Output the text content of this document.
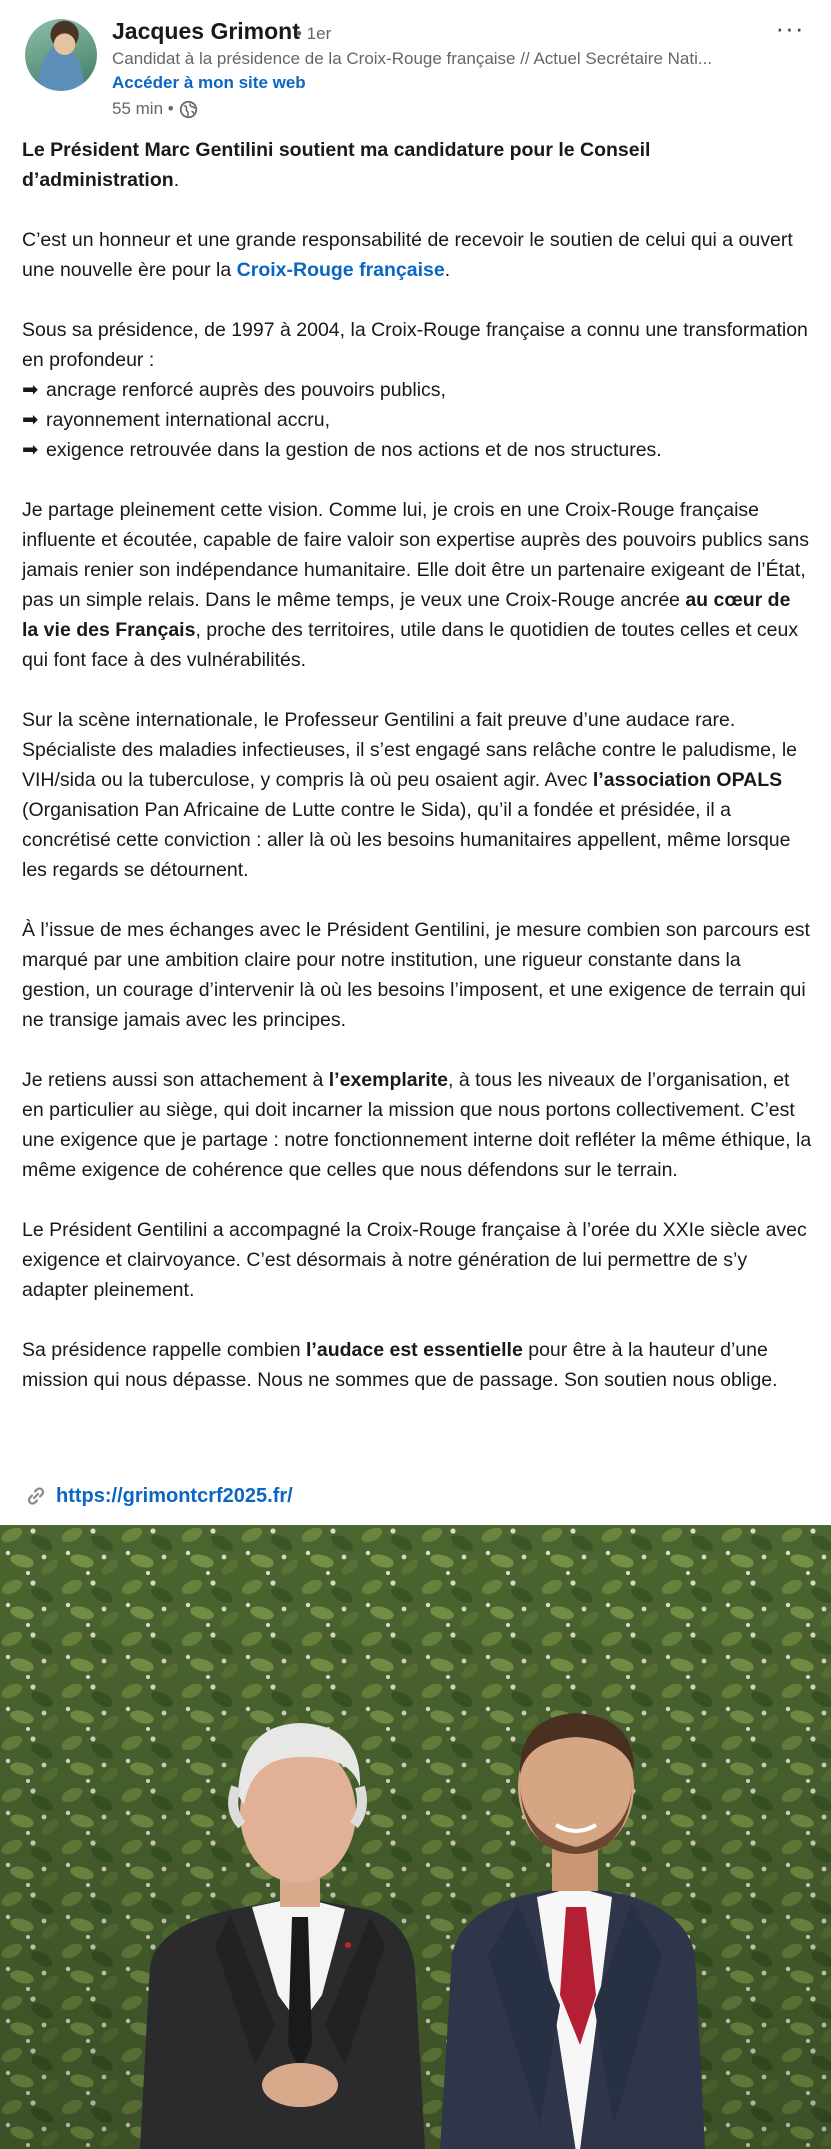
Jacques Grimont
• 1er
Candidat à la présidence de la Croix-Rouge française // Actuel Secrétaire Nati...
Accéder à mon site web
55 min •
···

Le Président Marc Gentilini soutient ma candidature pour le Conseil d’administration.

C’est un honneur et une grande responsabilité de recevoir le soutien de celui qui a ouvert une nouvelle ère pour la Croix-Rouge française.

Sous sa présidence, de 1997 à 2004, la Croix-Rouge française a connu une transformation en profondeur :
➡ ancrage renforcé auprès des pouvoirs publics,
➡ rayonnement international accru,
➡ exigence retrouvée dans la gestion de nos actions et de nos structures.

Je partage pleinement cette vision. Comme lui, je crois en une Croix-Rouge française influente et écoutée, capable de faire valoir son expertise auprès des pouvoirs publics sans jamais renier son indépendance humanitaire. Elle doit être un partenaire exigeant de l’État, pas un simple relais. Dans le même temps, je veux une Croix-Rouge ancrée au cœur de la vie des Français, proche des territoires, utile dans le quotidien de toutes celles et ceux qui font face à des vulnérabilités.

Sur la scène internationale, le Professeur Gentilini a fait preuve d’une audace rare. Spécialiste des maladies infectieuses, il s’est engagé sans relâche contre le paludisme, le VIH/sida ou la tuberculose, y compris là où peu osaient agir. Avec l’association OPALS (Organisation Pan Africaine de Lutte contre le Sida), qu’il a fondée et présidée, il a concrétisé cette conviction : aller là où les besoins humanitaires appellent, même lorsque les regards se détournent.

À l’issue de mes échanges avec le Président Gentilini, je mesure combien son parcours est marqué par une ambition claire pour notre institution, une rigueur constante dans la gestion, un courage d’intervenir là où les besoins l’imposent, et une exigence de terrain qui ne transige jamais avec les principes.

Je retiens aussi son attachement à l’exemplarite, à tous les niveaux de l’organisation, et en particulier au siège, qui doit incarner la mission que nous portons collectivement. C’est une exigence que je partage : notre fonctionnement interne doit refléter la même éthique, la même exigence de cohérence que celles que nous défendons sur le terrain.

Le Président Gentilini a accompagné la Croix-Rouge française à l’orée du XXIe siècle avec exigence et clairvoyance. C’est désormais à notre génération de lui permettre de s’y adapter pleinement.

Sa présidence rappelle combien l’audace est essentielle pour être à la hauteur d’une mission qui nous dépasse. Nous ne sommes que de passage. Son soutien nous oblige.

https://grimontcrf2025.fr/
